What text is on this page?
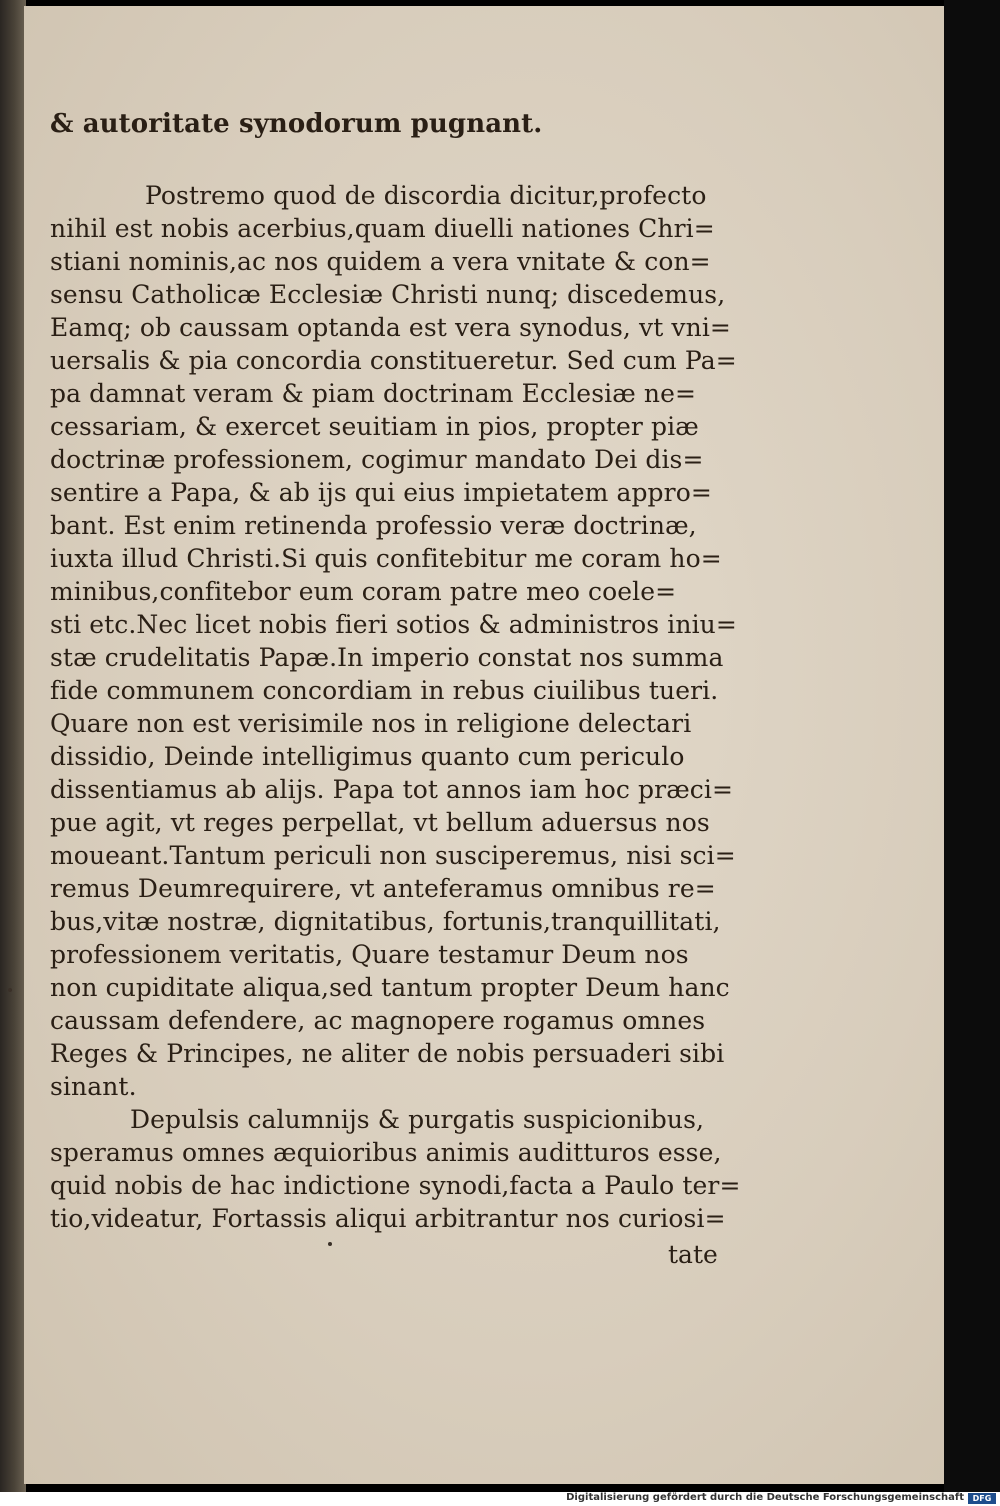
& autoritate synodorum pugnant.
Postremo quod de discordia dicitur,profecto
nihil est nobis acerbius,quam diuelli nationes Chri=
stiani nominis,ac nos quidem a vera vnitate & con=
sensu Catholicæ Ecclesiæ Christi nunq; discedemus,
Eamq; ob caussam optanda est vera synodus, vt vni=
uersalis & pia concordia constitueretur. Sed cum Pa=
pa damnat veram & piam doctrinam Ecclesiæ ne=
cessariam, & exercet seuitiam in pios, propter piæ
doctrinæ professionem, cogimur mandato Dei dis=
sentire a Papa, & ab ijs qui eius impietatem appro=
bant. Est enim retinenda professio veræ doctrinæ,
iuxta illud Christi.Si quis confitebitur me coram ho=
minibus,confitebor eum coram patre meo coele=
sti etc.Nec licet nobis fieri sotios & administros iniu=
stæ crudelitatis Papæ.In imperio constat nos summa
fide communem concordiam in rebus ciuilibus tueri.
Quare non est verisimile nos in religione delectari
dissidio, Deinde intelligimus quanto cum periculo
dissentiamus ab alijs. Papa tot annos iam hoc præci=
pue agit, vt reges perpellat, vt bellum aduersus nos
moueant.Tantum periculi non susciperemus, nisi sci=
remus Deumrequirere, vt anteferamus omnibus re=
bus,vitæ nostræ, dignitatibus, fortunis,tranquillitati,
professionem veritatis, Quare testamur Deum nos
non cupiditate aliqua,sed tantum propter Deum hanc
caussam defendere, ac magnopere rogamus omnes
Reges & Principes, ne aliter de nobis persuaderi sibi
sinant.
Depulsis calumnijs & purgatis suspicionibus,
speramus omnes æquioribus animis auditturos esse,
quid nobis de hac indictione synodi,facta a Paulo ter=
tio,videatur, Fortassis aliqui arbitrantur nos curiosi=
tate
Digitalisierung gefördert durch die Deutsche Forschungsgemeinschaft	DFG
